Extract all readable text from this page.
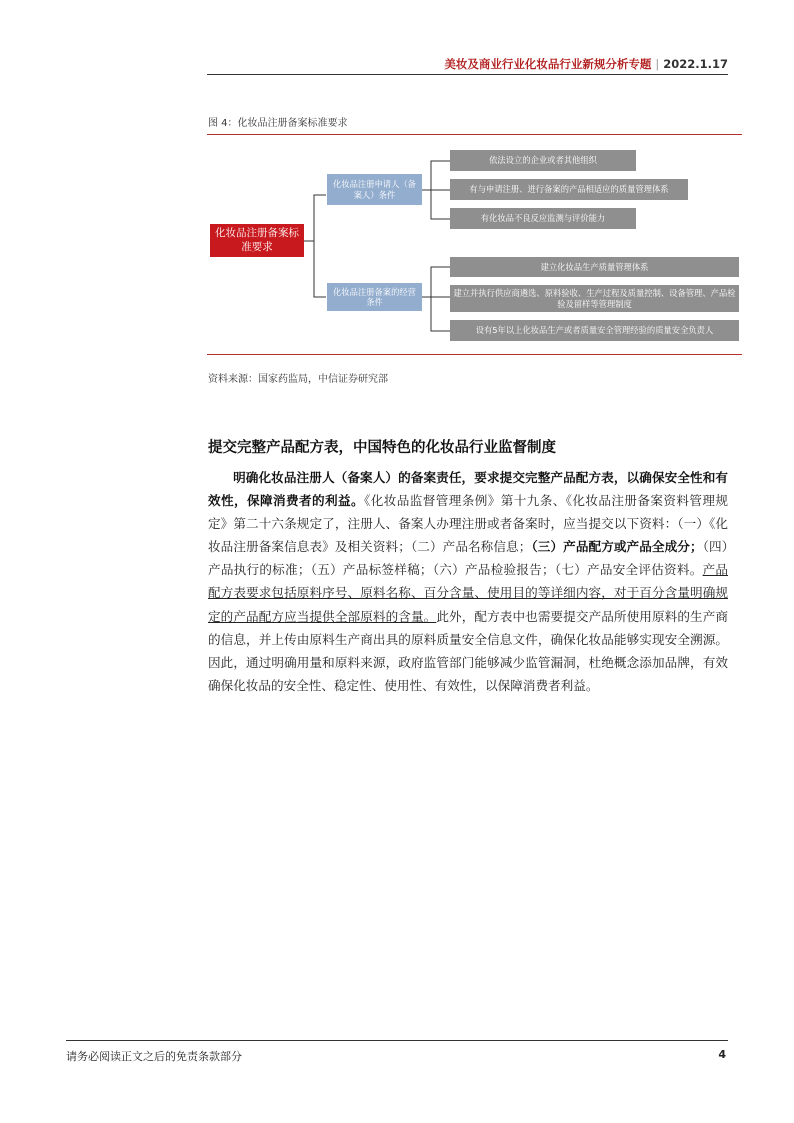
美妆及商业行业化妆品行业新规分析专题 | 2022.1.17
图 4：化妆品注册备案标准要求
化妆品注册备案标准要求
化妆品注册申请人（备案人）条件
化妆品注册备案的经营条件
依法设立的企业或者其他组织
有与申请注册、进行备案的产品相适应的质量管理体系
有化妆品不良反应监测与评价能力
建立化妆品生产质量管理体系
建立并执行供应商遴选、原料验收、生产过程及质量控制、设备管理、产品检验及留样等管理制度
设有5年以上化妆品生产或者质量安全管理经验的质量安全负责人
资料来源：国家药监局，中信证券研究部
提交完整产品配方表，中国特色的化妆品行业监督制度
明确化妆品注册人（备案人）的备案责任，要求提交完整产品配方表，以确保安全性和有效性，保障消费者的利益。《化妆品监督管理条例》第十九条、《化妆品注册备案资料管理规定》第二十六条规定了，注册人、备案人办理注册或者备案时，应当提交以下资料：（一）《化妆品注册备案信息表》及相关资料；（二）产品名称信息；（三）产品配方或产品全成分；（四）产品执行的标准；（五）产品标签样稿；（六）产品检验报告；（七）产品安全评估资料。产品配方表要求包括原料序号、原料名称、百分含量、使用目的等详细内容，对于百分含量明确规定的产品配方应当提供全部原料的含量。此外，配方表中也需要提交产品所使用原料的生产商的信息，并上传由原料生产商出具的原料质量安全信息文件，确保化妆品能够实现安全溯源。因此，通过明确用量和原料来源，政府监管部门能够减少监管漏洞，杜绝概念添加品牌，有效确保化妆品的安全性、稳定性、使用性、有效性，以保障消费者利益。
请务必阅读正文之后的免责条款部分	4
